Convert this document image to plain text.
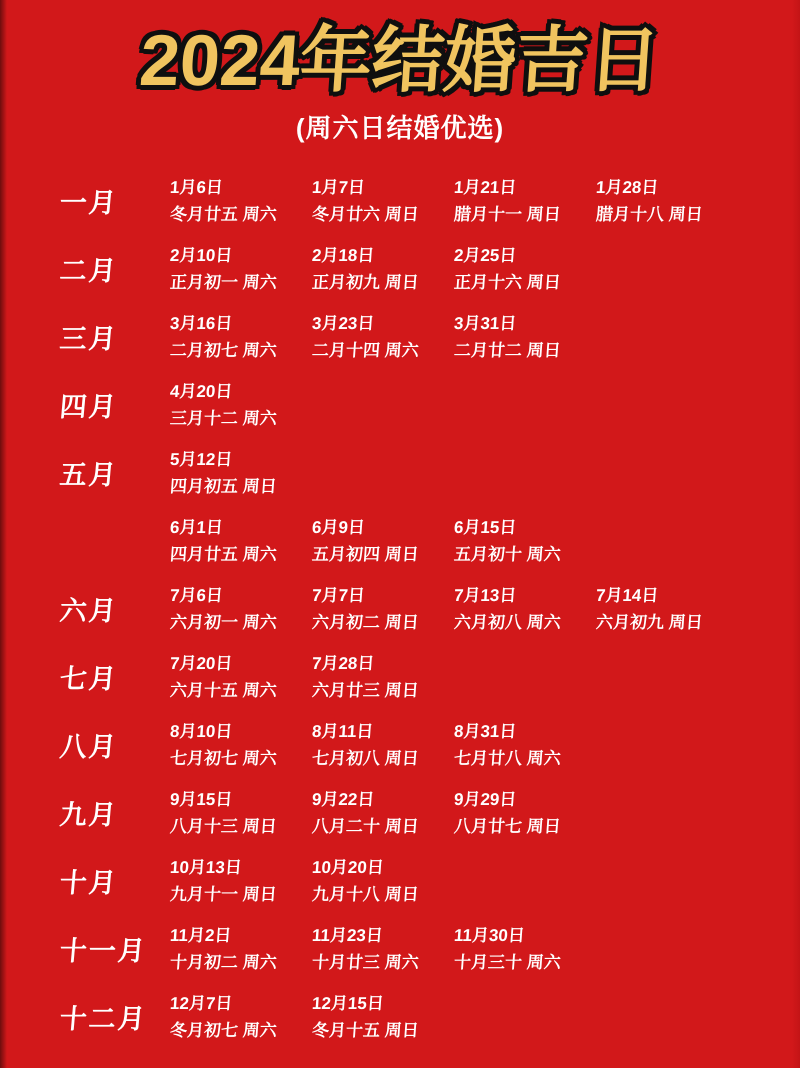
2024年结婚吉日
(周六日结婚优选)
一月
1月6日
冬月廿五 周六
1月7日
冬月廿六 周日
1月21日
腊月十一 周日
1月28日
腊月十八 周日
二月
2月10日
正月初一 周六
2月18日
正月初九 周日
2月25日
正月十六 周日
三月
3月16日
二月初七 周六
3月23日
二月十四 周六
3月31日
二月廿二 周日
四月
4月20日
三月十二 周六
五月
5月12日
四月初五 周日
6月1日
四月廿五 周六
6月9日
五月初四 周日
6月15日
五月初十 周六
六月
7月6日
六月初一 周六
7月7日
六月初二 周日
7月13日
六月初八 周六
7月14日
六月初九 周日
七月
7月20日
六月十五 周六
7月28日
六月廿三 周日
八月
8月10日
七月初七 周六
8月11日
七月初八 周日
8月31日
七月廿八 周六
九月
9月15日
八月十三 周日
9月22日
八月二十 周日
9月29日
八月廿七 周日
十月
10月13日
九月十一 周日
10月20日
九月十八 周日
十一月
11月2日
十月初二 周六
11月23日
十月廿三 周六
11月30日
十月三十 周六
十二月
12月7日
冬月初七 周六
12月15日
冬月十五 周日
